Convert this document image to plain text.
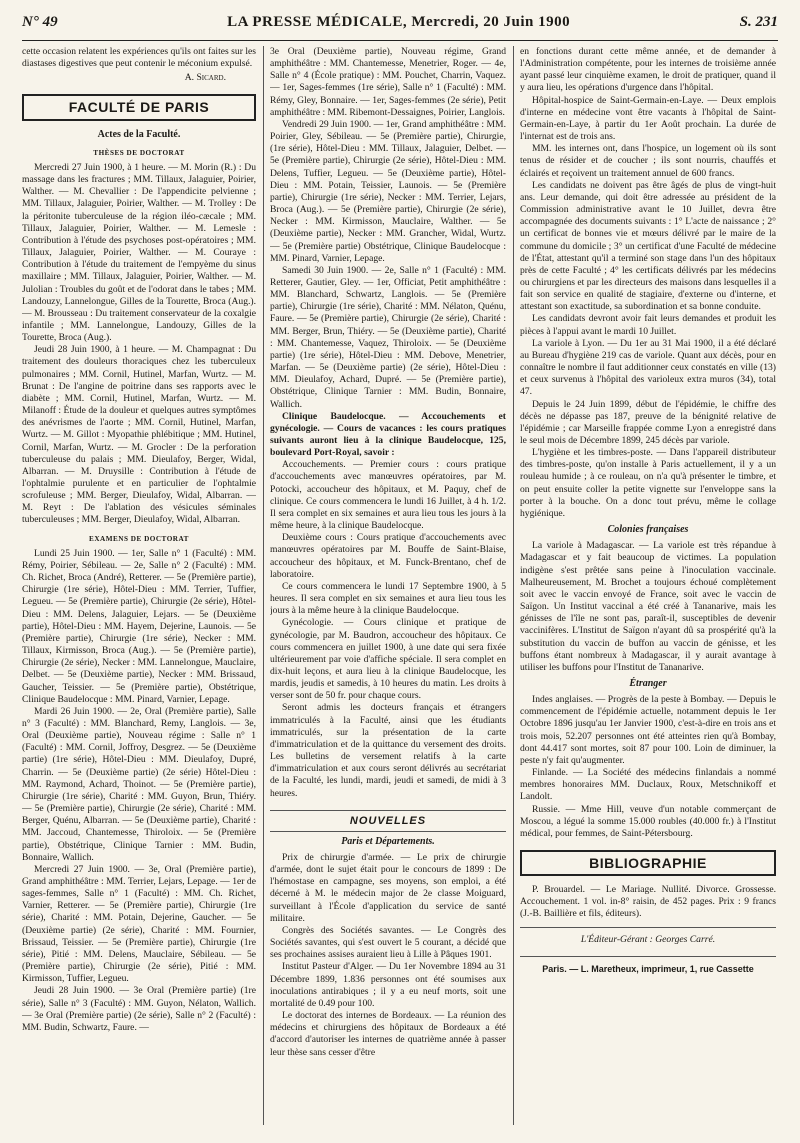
N° 49	LA PRESSE MÉDICALE, Mercredi, 20 Juin 1900	S. 231

cette occasion relatent les expériences qu'ils ont faites sur les diastases digestives que peut contenir le méconium expulsé.

A. Sicard.
FACULTÉ DE PARIS
Actes de la Faculté.
THÈSES DE DOCTORAT

Mercredi 27 Juin 1900, à 1 heure. — M. Morin (R.) : Du massage dans les fractures ; MM. Tillaux, Jalaguier, Poirier, Walther. — M. Chevallier : De l'appendicite pelvienne ; MM. Tillaux, Jalaguier, Poirier, Walther. — M. Trolley : De la péritonite tuberculeuse de la région iléo-cæcale ; MM. Tillaux, Jalaguier, Poirier, Walther. — M. Lemesle : Contribution à l'étude des psychoses post-opératoires ; MM. Tillaux, Jalaguier, Poirier, Walther. — M. Couraye : Contribution à l'étude du traitement de l'empyème du sinus maxillaire ; MM. Tillaux, Jalaguier, Poirier, Walther. — M. Julolian : Troubles du goût et de l'odorat dans le tabes ; MM. Landouzy, Lannelongue, Gilles de la Tourette, Broca (Aug.). — M. Brousseau : Du traitement conservateur de la coxalgie infantile ; MM. Lannelongue, Landouzy, Gilles de la Tourette, Broca (Aug.).

Jeudi 28 Juin 1900, à 1 heure. — M. Champagnat : Du traitement des douleurs thoraciques chez les tuberculeux pulmonaires ; MM. Cornil, Hutinel, Marfan, Wurtz. — M. Brunat : De l'angine de poitrine dans ses rapports avec le diabète ; MM. Cornil, Hutinel, Marfan, Wurtz. — M. Milanoff : Étude de la douleur et quelques autres symptômes des anévrismes de l'aorte ; MM. Cornil, Hutinel, Marfan, Wurtz. — M. Gillot : Myopathie phlébitique ; MM. Hutinel, Cornil, Marfan, Wurtz. — M. Grocler : De la perforation tuberculeuse du palais ; MM. Dieulafoy, Berger, Widal, Albarran. — M. Druysille : Contribution à l'étude de l'ophtalmie purulente et en particulier de l'ophtalmie scrofuleuse ; MM. Berger, Dieulafoy, Widal, Albarran. — M. Reyt : De l'ablation des vésicules séminales tuberculeuses ; MM. Berger, Dieulafoy, Widal, Albarran.

EXAMENS DE DOCTORAT

Lundi 25 Juin 1900. — 1er, Salle n° 1 (Faculté) : MM. Rémy, Poirier, Sébileau. — 2e, Salle n° 2 (Faculté) : MM. Ch. Richet, Broca (André), Retterer. — 5e (Première partie), Chirurgie (1re série), Hôtel-Dieu : MM. Terrier, Tuffier, Legueu. — 5e (Première partie), Chirurgie (2e série), Hôtel-Dieu : MM. Delens, Jalaguier, Lejars. — 5e (Deuxième partie), Hôtel-Dieu : MM. Hayem, Dejerine, Launois. — 5e (Première partie), Chirurgie (1re série), Necker : MM. Tillaux, Kirmisson, Broca (Aug.). — 5e (Première partie), Chirurgie (2e série), Necker : MM. Lannelongue, Mauclaire, Delbet. — 5e (Deuxième partie), Necker : MM. Brissaud, Gaucher, Teissier. — 5e (Première partie), Obstétrique, Clinique Baudelocque : MM. Pinard, Varnier, Lepage.

Mardi 26 Juin 1900. — 2e, Oral (Première partie), Salle n° 3 (Faculté) : MM. Blanchard, Remy, Langlois. — 3e, Oral (Deuxième partie), Nouveau régime : Salle n° 1 (Faculté) : MM. Cornil, Joffroy, Desgrez. — 5e (Deuxième partie) (1re série), Hôtel-Dieu : MM. Dieulafoy, Dupré, Charrin. — 5e (Deuxième partie) (2e série) Hôtel-Dieu : MM. Raymond, Achard, Thoinot. — 5e (Première partie), Chirurgie (1re série), Charité : MM. Guyon, Brun, Thiéry. — 5e (Première partie), Chirurgie (2e série), Charité : MM. Berger, Quénu, Albarran. — 5e (Deuxième partie), Charité : MM. Jaccoud, Chantemesse, Thiroloix. — 5e (Première partie), Obstétrique, Clinique Tarnier : MM. Budin, Bonnaire, Wallich.

Mercredi 27 Juin 1900. — 3e, Oral (Première partie), Grand amphithéâtre : MM. Terrier, Lejars, Lepage. — 1er de sages-femmes, Salle n° 1 (Faculté) : MM. Ch. Richet, Varnier, Retterer. — 5e (Première partie), Chirurgie (1re série), Charité : MM. Potain, Dejerine, Gaucher. — 5e (Deuxième partie) (2e série), Charité : MM. Fournier, Brissaud, Teissier. — 5e (Première partie), Chirurgie (1re série), Pitié : MM. Delens, Mauclaire, Sébileau. — 5e (Première partie), Chirurgie (2e série), Pitié : MM. Kirmisson, Tuffier, Legueu.

Jeudi 28 Juin 1900. — 3e Oral (Première partie) (1re série), Salle n° 3 (Faculté) : MM. Guyon, Nélaton, Wallich. — 3e Oral (Première partie) (2e série), Salle n° 2 (Faculté) : MM. Budin, Schwartz, Faure. —

3e Oral (Deuxième partie), Nouveau régime, Grand amphithéâtre : MM. Chantemesse, Menetrier, Roger. — 4e, Salle n° 4 (École pratique) : MM. Pouchet, Charrin, Vaquez. — 1er, Sages-femmes (1re série), Salle n° 1 (Faculté) : MM. Rémy, Gley, Bonnaire. — 1er, Sages-femmes (2e série), Petit amphithéâtre : MM. Ribemont-Dessaignes, Poirier, Langlois.

Vendredi 29 Juin 1900. — 1er, Grand amphithéâtre : MM. Poirier, Gley, Sébileau. — 5e (Première partie), Chirurgie, (1re série), Hôtel-Dieu : MM. Tillaux, Jalaguier, Delbet. — 5e (Première partie), Chirurgie (2e série), Hôtel-Dieu : MM. Delens, Tuffier, Legueu. — 5e (Deuxième partie), Hôtel-Dieu : MM. Potain, Teissier, Launois. — 5e (Première partie), Chirurgie (1re série), Necker : MM. Terrier, Lejars, Broca (Aug.). — 5e (Première partie), Chirurgie (2e série), Necker : MM. Kirmisson, Mauclaire, Walther. — 5e (Deuxième partie), Necker : MM. Grancher, Widal, Wurtz. — 5e (Première partie) Obstétrique, Clinique Baudelocque : MM. Pinard, Varnier, Lepage.

Samedi 30 Juin 1900. — 2e, Salle n° 1 (Faculté) : MM. Retterer, Gautier, Gley. — 1er, Officiat, Petit amphithéâtre : MM. Blanchard, Schwartz, Langlois. — 5e (Première partie), Chirurgie (1re série), Charité : MM. Nélaton, Quénu, Faure. — 5e (Première partie), Chirurgie (2e série), Charité : MM. Berger, Brun, Thiéry. — 5e (Deuxième partie), Charité : MM. Chantemesse, Vaquez, Thiroloix. — 5e (Deuxième partie) (1re série), Hôtel-Dieu : MM. Debove, Menetrier, Marfan. — 5e (Deuxième partie) (2e série), Hôtel-Dieu : MM. Dieulafoy, Achard, Dupré. — 5e (Première partie), Obstétrique, Clinique Tarnier : MM. Budin, Bonnaire, Wallich.

Clinique Baudelocque. — Accouchements et gynécologie. — Cours de vacances : les cours pratiques suivants auront lieu à la clinique Baudelocque, 125, boulevard Port-Royal, savoir :

Accouchements. — Premier cours : cours pratique d'accouchements avec manœuvres opératoires, par M. Potocki, accoucheur des hôpitaux, et M. Paquy, chef de clinique. Ce cours commencera le lundi 16 Juillet, à 4 h. 1/2. Il sera complet en six semaines et aura lieu tous les jours à la même heure, à la clinique Baudelocque.

Deuxième cours : Cours pratique d'accouchements avec manœuvres opératoires par M. Bouffe de Saint-Blaise, accoucheur des hôpitaux, et M. Funck-Brentano, chef de laboratoire.

Ce cours commencera le lundi 17 Septembre 1900, à 5 heures. Il sera complet en six semaines et aura lieu tous les jours à la même heure à la clinique Baudelocque.

Gynécologie. — Cours clinique et pratique de gynécologie, par M. Baudron, accoucheur des hôpitaux. Ce cours commencera en juillet 1900, à une date qui sera fixée ultérieurement par voie d'affiche spéciale. Il sera complet en dix-huit leçons, et aura lieu à la clinique Baudelocque, les mardis, jeudis et samedis, à 10 heures du matin. Les droits à verser sont de 50 fr. pour chaque cours.

Seront admis les docteurs français et étrangers immatriculés à la Faculté, ainsi que les étudiants immatriculés, sur la présentation de la carte d'immatriculation et de la quittance du versement des droits. Les bulletins de versement relatifs à la carte d'immatriculation et aux cours seront délivrés au secrétariat de la Faculté, les lundi, mardi, jeudi et samedi, de midi à 3 heures.

NOUVELLES
Paris et Départements.

Prix de chirurgie d'armée. — Le prix de chirurgie d'armée, dont le sujet était pour le concours de 1899 : De l'hémostase en campagne, ses moyens, son emploi, a été décerné à M. le médecin major de 2e classe Moiguard, surveillant à l'École d'application du service de santé militaire.

Congrès des Sociétés savantes. — Le Congrès des Sociétés savantes, qui s'est ouvert le 5 courant, a décidé que ses prochaines assises auraient lieu à Lille à Pâques 1901.

Institut Pasteur d'Alger. — Du 1er Novembre 1894 au 31 Décembre 1899, 1.836 personnes ont été soumises aux inoculations antirabiques ; il y a eu neuf morts, soit une mortalité de 0.49 pour 100.

Le doctorat des internes de Bordeaux. — La réunion des médecins et chirurgiens des hôpitaux de Bordeaux a été d'accord d'autoriser les internes de quatrième année à passer leur thèse sans cesser d'être

en fonctions durant cette même année, et de demander à l'Administration compétente, pour les internes de troisième année ayant passé leur cinquième examen, le droit de pratiquer, quand il y aura lieu, les opérations d'urgence dans l'hôpital.

Hôpital-hospice de Saint-Germain-en-Laye. — Deux emplois d'interne en médecine vont être vacants à l'hôpital de Saint-Germain-en-Laye, à partir du 1er Août prochain. La durée de l'internat est de trois ans.

MM. les internes ont, dans l'hospice, un logement où ils sont tenus de résider et de coucher ; ils sont nourris, chauffés et éclairés et reçoivent un traitement annuel de 600 francs.

Les candidats ne doivent pas être âgés de plus de vingt-huit ans. Leur demande, qui doit être adressée au président de la Commission administrative avant le 10 Juillet, devra être accompagnée des documents suivants : 1° L'acte de naissance ; 2° un certificat de bonnes vie et mœurs délivré par le maire de la commune du domicile ; 3° un certificat d'une Faculté de médecine de l'État, attestant qu'il a terminé son stage dans l'un des hôpitaux près de cette Faculté ; 4° les certificats délivrés par les médecins ou chirurgiens et par les directeurs des maisons dans lesquelles il a fait son service en qualité de stagiaire, d'externe ou d'interne, et attestant son exactitude, sa subordination et sa bonne conduite.

Les candidats devront avoir fait leurs demandes et produit les pièces à l'appui avant le mardi 10 Juillet.

La variole à Lyon. — Du 1er au 31 Mai 1900, il a été déclaré au Bureau d'hygiène 219 cas de variole. Quant aux décès, pour en connaître le nombre il faut additionner ceux constatés en ville (13) et ceux survenus à l'hôpital des varioleux extra muros (34), total 47.

Depuis le 24 Juin 1899, début de l'épidémie, le chiffre des décès ne dépasse pas 187, preuve de la bénignité relative de l'épidémie ; car Marseille frappée comme Lyon a enregistré dans le seul mois de Décembre 1899, 245 décès par variole.

L'hygiène et les timbres-poste. — Dans l'appareil distributeur des timbres-poste, qu'on installe à Paris actuellement, il y a un rouleau humide ; à ce rouleau, on n'a qu'à présenter le timbre, et on peut ensuite coller la petite vignette sur l'enveloppe sans la porter à la bouche. On a donc tout prévu, même le collage hygiénique.

Colonies françaises

La variole à Madagascar. — La variole est très répandue à Madagascar et y fait beaucoup de victimes. La population indigène s'est prêtée sans peine à l'inoculation vaccinale. Malheureusement, M. Brochet a toujours échoué complètement soit avec le vaccin envoyé de France, soit avec le vaccin de Saïgon. Un Institut vaccinal a été créé à Tananarive, mais les génisses de l'île ne sont pas, paraît-il, susceptibles de devenir vaccinifères. L'Institut de Saïgon n'ayant dû sa prospérité qu'à la substitution du vaccin de buffon au vaccin de génisse, et les buffons étant nombreux à Madagascar, il y aurait avantage à utiliser les buffons pour l'Institut de Tananarive.

Étranger

Indes anglaises. — Progrès de la peste à Bombay. — Depuis le commencement de l'épidémie actuelle, notamment depuis le 1er Octobre 1896 jusqu'au 1er Janvier 1900, c'est-à-dire en trois ans et trois mois, 52.207 personnes ont été atteintes rien qu'à Bombay, dont 44.417 sont mortes, soit 87 pour 100. Loin de diminuer, la peste n'y fait qu'augmenter.

Finlande. — La Société des médecins finlandais a nommé membres honoraires MM. Duclaux, Roux, Metschnikoff et Landolt.

Russie. — Mme Hill, veuve d'un notable commerçant de Moscou, a légué la somme 15.000 roubles (40.000 fr.) à l'Institut médical, pour femmes, de Saint-Pétersbourg.

BIBLIOGRAPHIE

P. Brouardel. — Le Mariage. Nullité. Divorce. Grossesse. Accouchement. 1 vol. in-8° raisin, de 452 pages. Prix : 9 francs (J.-B. Baillière et fils, éditeurs).

L'Éditeur-Gérant : Georges Carré.
Paris. — L. Maretheux, imprimeur, 1, rue Cassette
